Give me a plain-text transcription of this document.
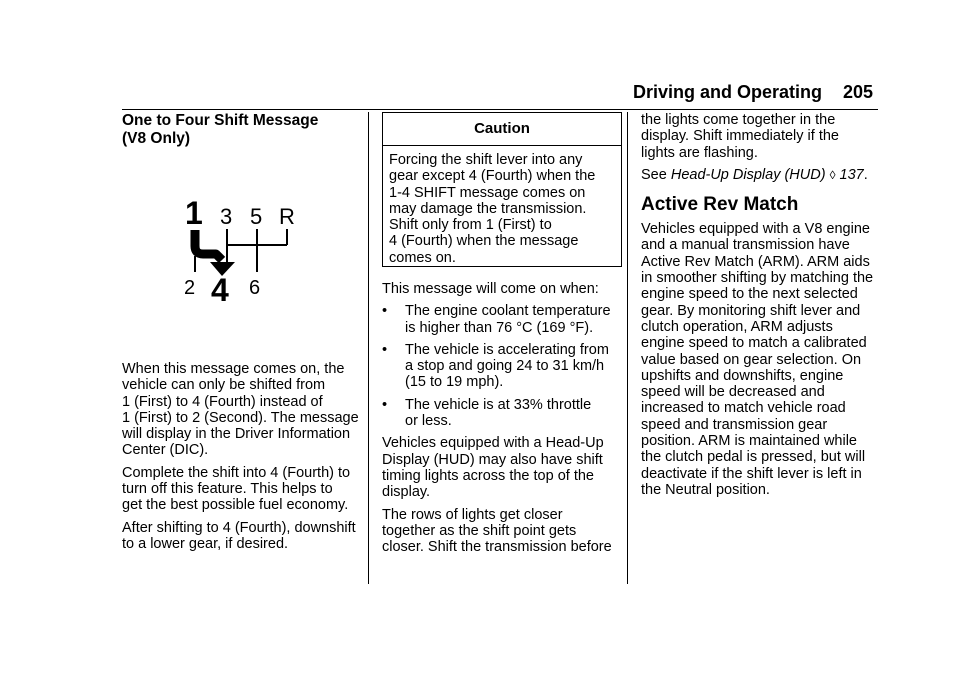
Driving and Operating 205

One to Four Shift Message
(V8 Only)

1 3 5 R
2 4 6

When this message comes on, the
vehicle can only be shifted from
1 (First) to 4 (Fourth) instead of
1 (First) to 2 (Second). The message
will display in the Driver Information
Center (DIC).

Complete the shift into 4 (Fourth) to
turn off this feature. This helps to
get the best possible fuel economy.

After shifting to 4 (Fourth), downshift
to a lower gear, if desired.

Caution
Forcing the shift lever into any
gear except 4 (Fourth) when the
1-4 SHIFT message comes on
may damage the transmission.
Shift only from 1 (First) to
4 (Fourth) when the message
comes on.

This message will come on when:

• The engine coolant temperature
is higher than 76 °C (169 °F).
• The vehicle is accelerating from
a stop and going 24 to 31 km/h
(15 to 19 mph).
• The vehicle is at 33% throttle
or less.

Vehicles equipped with a Head-Up
Display (HUD) may also have shift
timing lights across the top of the
display.

The rows of lights get closer
together as the shift point gets
closer. Shift the transmission before

the lights come together in the
display. Shift immediately if the
lights are flashing.

See Head-Up Display (HUD) ◊ 137.

Active Rev Match

Vehicles equipped with a V8 engine
and a manual transmission have
Active Rev Match (ARM). ARM aids
in smoother shifting by matching the
engine speed to the next selected
gear. By monitoring shift lever and
clutch operation, ARM adjusts
engine speed to match a calibrated
value based on gear selection. On
upshifts and downshifts, engine
speed will be decreased and
increased to match vehicle road
speed and transmission gear
position. ARM is maintained while
the clutch pedal is pressed, but will
deactivate if the shift lever is left in
the Neutral position.
